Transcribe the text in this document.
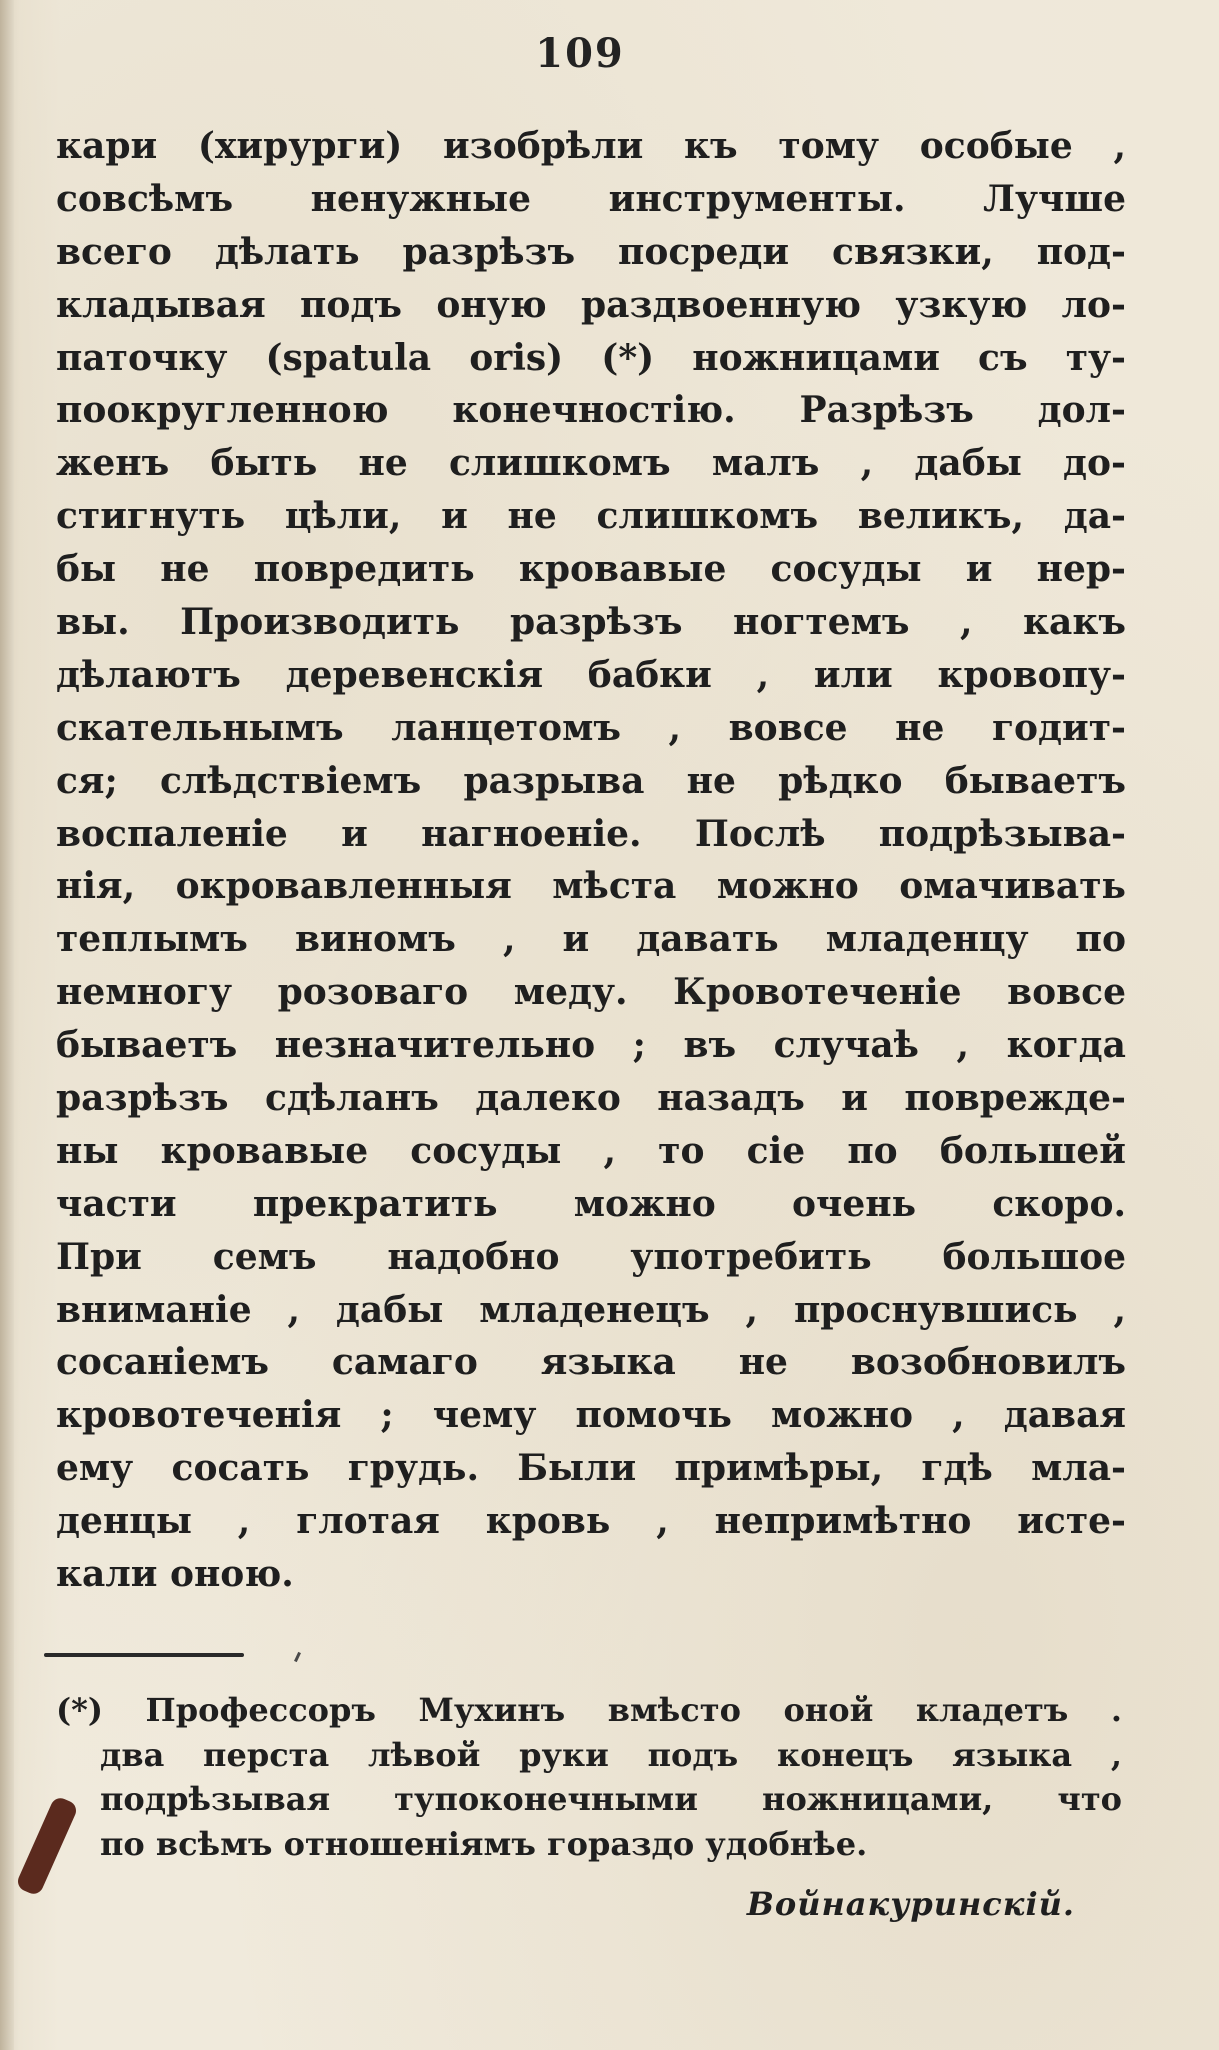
109
кари (хирурги) изобрѣли къ тому особые ,
совсѣмъ ненужные инструменты. Лучше
всего дѣлать разрѣзъ посреди связки, под-
кладывая подъ оную раздвоенную узкую ло-
паточку (spatula oris) (*) ножницами съ ту-
поокругленною конечностію. Разрѣзъ дол-
женъ быть не слишкомъ малъ , дабы до-
стигнуть цѣли, и не слишкомъ великъ, да-
бы не повредить кровавые сосуды и нер-
вы. Производить разрѣзъ ногтемъ , какъ
дѣлаютъ деревенскія бабки , или кровопу-
скательнымъ ланцетомъ , вовсе не годит-
ся; слѣдствіемъ разрыва не рѣдко бываетъ
воспаленіе и нагноеніе. Послѣ подрѣзыва-
нія, окровавленныя мѣста можно омачивать
теплымъ виномъ , и давать младенцу по
немногу розоваго меду. Кровотеченіе вовсе
бываетъ незначительно ; въ случаѣ , когда
разрѣзъ сдѣланъ далеко назадъ и повреждe-
ны кровавые сосуды , то сіе по большей
части прекратить можно очень скоро.
При семъ надобно употребить большое
вниманіе , дабы младенецъ , проснувшись ,
сосаніемъ самаго языка не возобновилъ
кровотеченія ; чему помочь можно , давая
ему сосать грудь. Были примѣры, гдѣ мла-
денцы , глотая кровь , непримѣтно исте-
кали оною.
(*) Профессоръ Мухинъ вмѣсто оной кладетъ .
два перста лѣвой руки подъ конецъ языка ,
подрѣзывая тупоконечными ножницами, что
по всѣмъ отношеніямъ гораздо удобнѣе.
Войнакуринскій.
